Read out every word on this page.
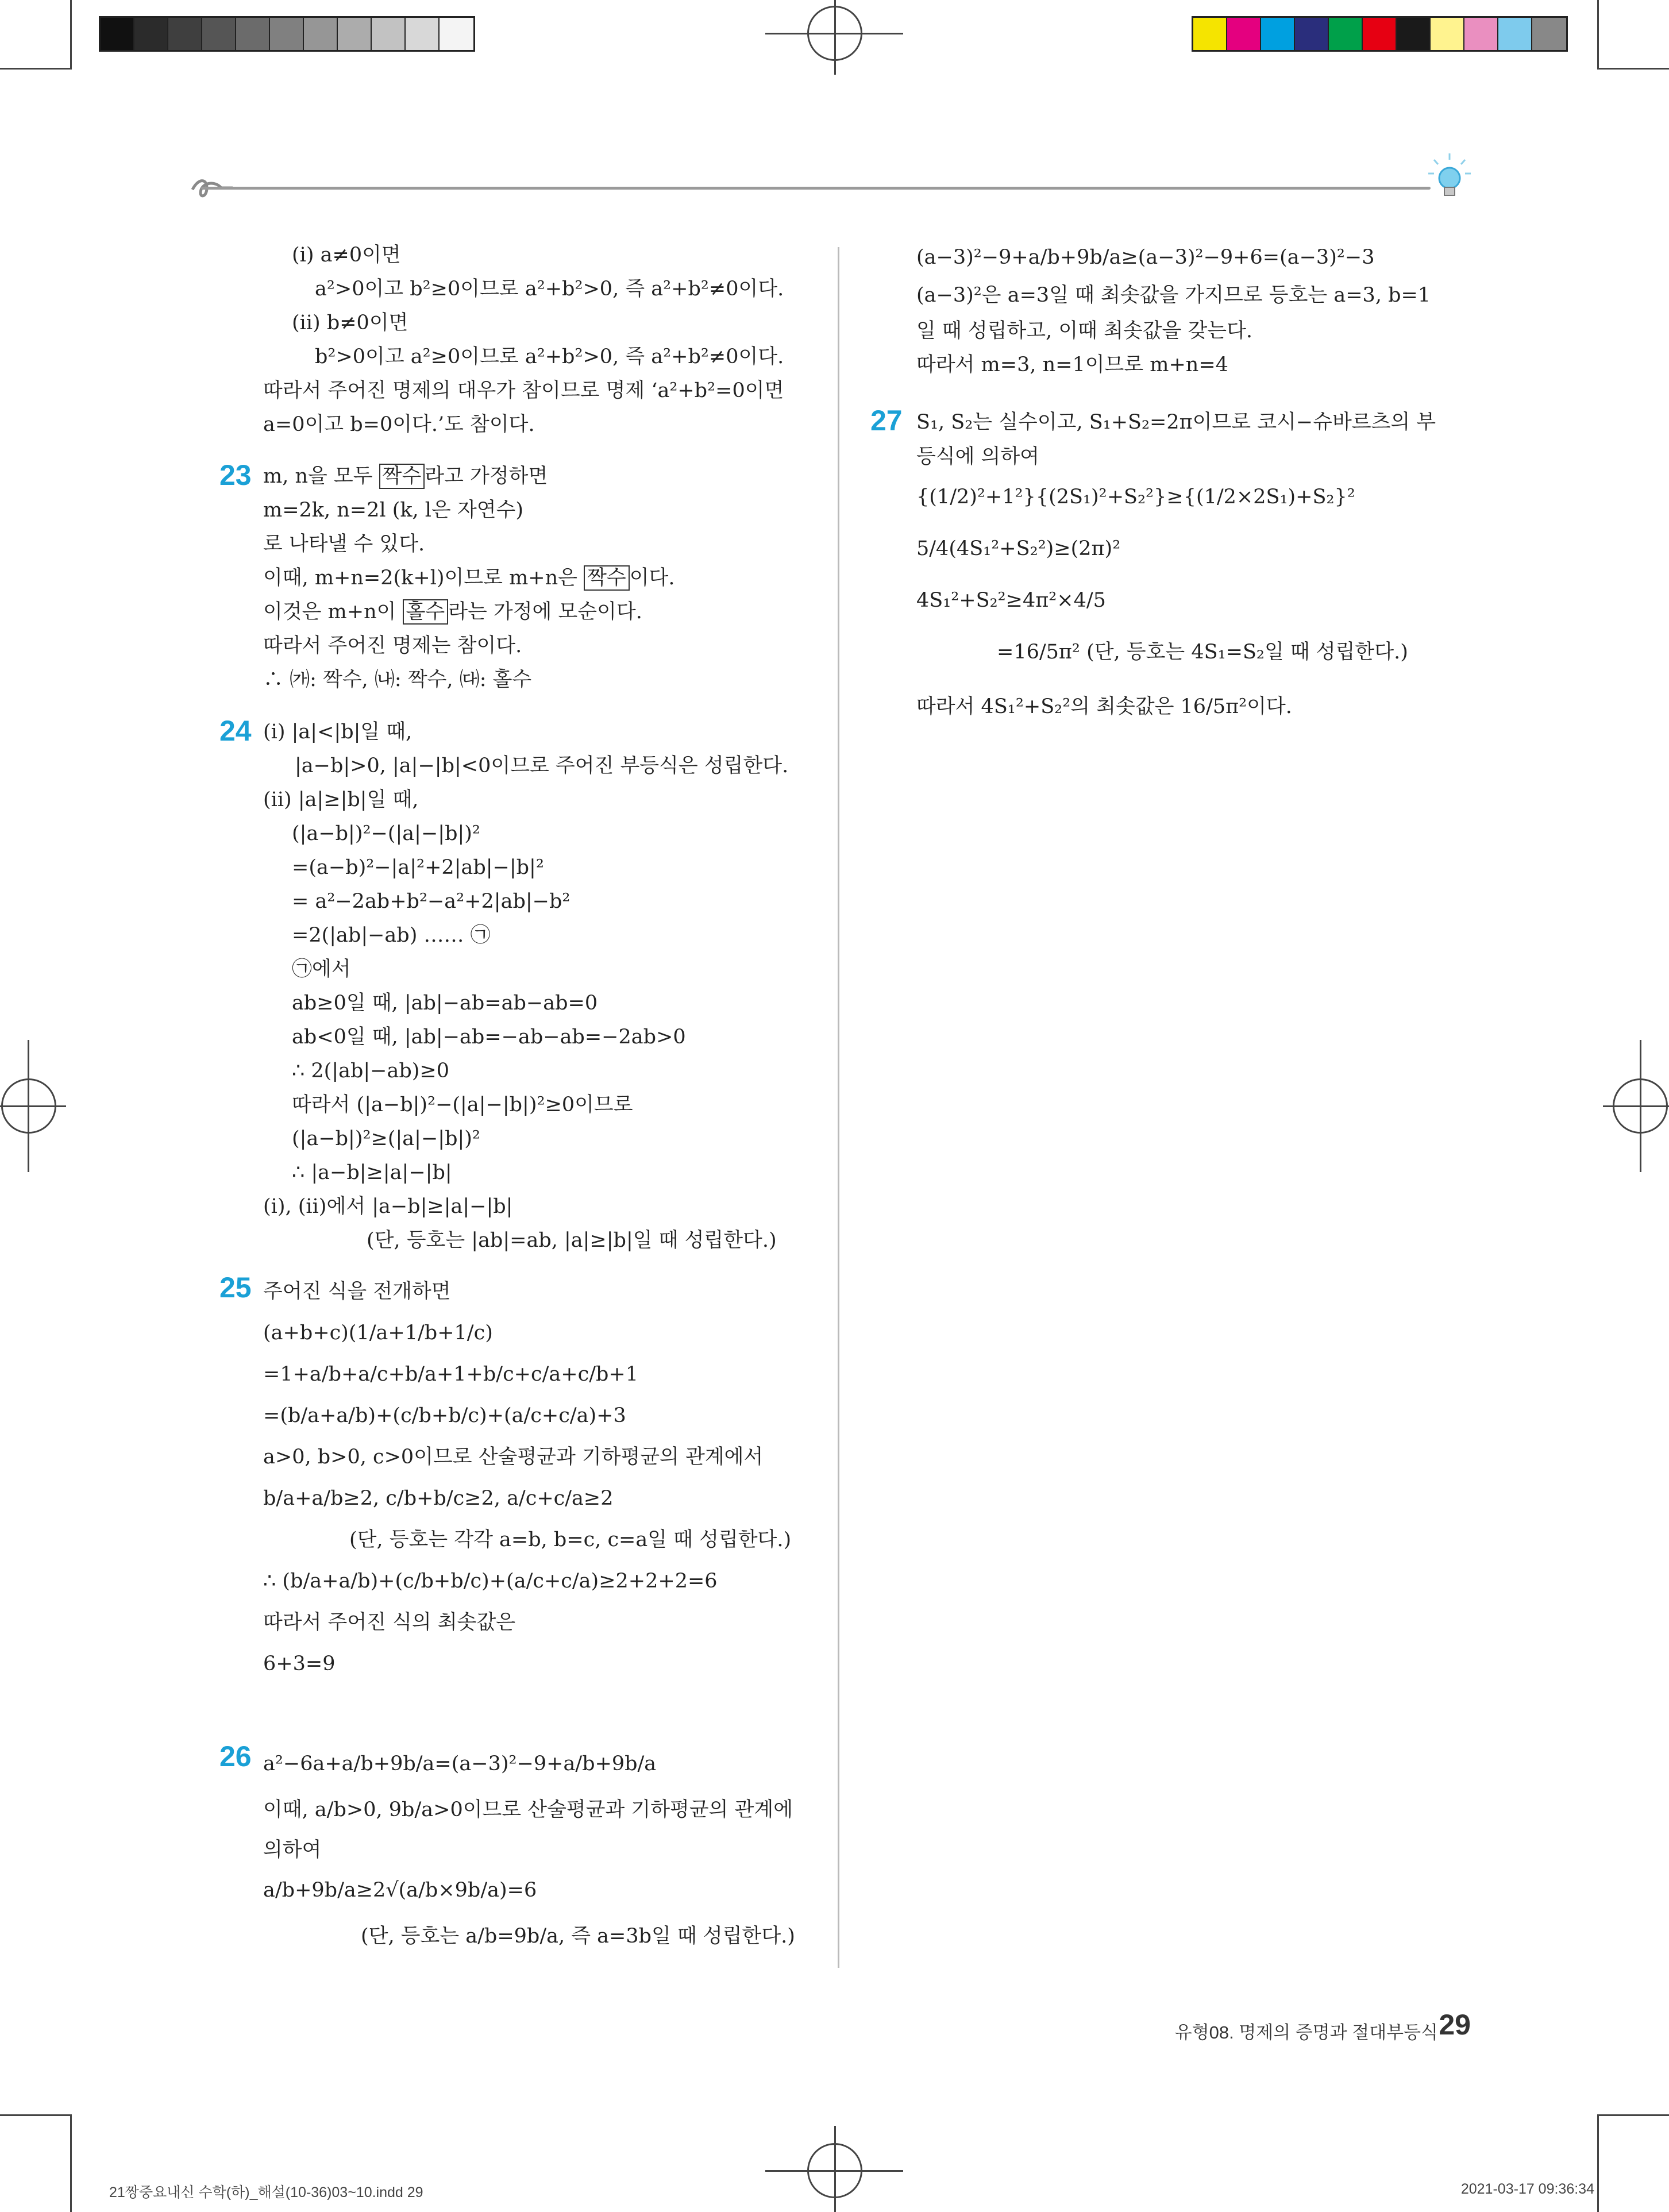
(ⅰ) a≠0이면
a²>0이고 b²≥0이므로 a²+b²>0, 즉 a²+b²≠0이다.
(ⅱ) b≠0이면
b²>0이고 a²≥0이므로 a²+b²>0, 즉 a²+b²≠0이다.
따라서 주어진 명제의 대우가 참이므로 명제 ‘a²+b²=0이면
a=0이고 b=0이다.’도 참이다.
23 m, n을 모두 짝수 라고 가정하면
m=2k, n=2l (k, l은 자연수)
로 나타낼 수 있다.
이때, m+n=2(k+l)이므로 m+n은 짝수 이다.
이것은 m+n이 홀수 라는 가정에 모순이다.
따라서 주어진 명제는 참이다.
∴ ㈎: 짝수, ㈏: 짝수, ㈐: 홀수
24 (ⅰ) |a|<|b|일 때,
|a−b|>0, |a|−|b|<0이므로 주어진 부등식은 성립한다.
(ⅱ) |a|≥|b|일 때,
(|a−b|)²−(|a|−|b|)²
=(a−b)²−|a|²+2|ab|−|b|²
= a²−2ab+b²−a²+2|ab|−b²
=2(|ab|−ab) …… ㉠
㉠에서
ab≥0일 때, |ab|−ab=ab−ab=0
ab<0일 때, |ab|−ab=−ab−ab=−2ab>0
∴ 2(|ab|−ab)≥0
따라서 (|a−b|)²−(|a|−|b|)²≥0이므로
(|a−b|)²≥(|a|−|b|)²
∴ |a−b|≥|a|−|b|
(ⅰ), (ⅱ)에서 |a−b|≥|a|−|b|
(단, 등호는 |ab|=ab, |a|≥|b|일 때 성립한다.)
25 주어진 식을 전개하면
(a+b+c)(1/a+1/b+1/c)
=1+a/b+a/c+b/a+1+b/c+c/a+c/b+1
=(b/a+a/b)+(c/b+b/c)+(a/c+c/a)+3
a>0, b>0, c>0이므로 산술평균과 기하평균의 관계에서
b/a+a/b≥2, c/b+b/c≥2, a/c+c/a≥2
(단, 등호는 각각 a=b, b=c, c=a일 때 성립한다.)
∴ (b/a+a/b)+(c/b+b/c)+(a/c+c/a)≥2+2+2=6
따라서 주어진 식의 최솟값은
6+3=9
26 a²−6a+a/b+9b/a=(a−3)²−9+a/b+9b/a
이때, a/b>0, 9b/a>0이므로 산술평균과 기하평균의 관계에
의하여
a/b+9b/a≥2√(a/b×9b/a)=6
(단, 등호는 a/b=9b/a, 즉 a=3b일 때 성립한다.)
(a−3)²−9+a/b+9b/a≥(a−3)²−9+6=(a−3)²−3
(a−3)²은 a=3일 때 최솟값을 가지므로 등호는 a=3, b=1
일 때 성립하고, 이때 최솟값을 갖는다.
따라서 m=3, n=1이므로 m+n=4
27 S₁, S₂는 실수이고, S₁+S₂=2π이므로 코시−슈바르츠의 부
등식에 의하여
{(1/2)²+1²}{(2S₁)²+S₂²}≥{(1/2×2S₁)+S₂}²
5/4(4S₁²+S₂²)≥(2π)²
4S₁²+S₂²≥4π²×4/5
=16/5π² (단, 등호는 4S₁=S₂일 때 성립한다.)
따라서 4S₁²+S₂²의 최솟값은 16/5π²이다.
유형08. 명제의 증명과 절대부등식 29
21짱중요내신 수학(하)_해설(10-36)03~10.indd 29	2021-03-17 09:36:34
